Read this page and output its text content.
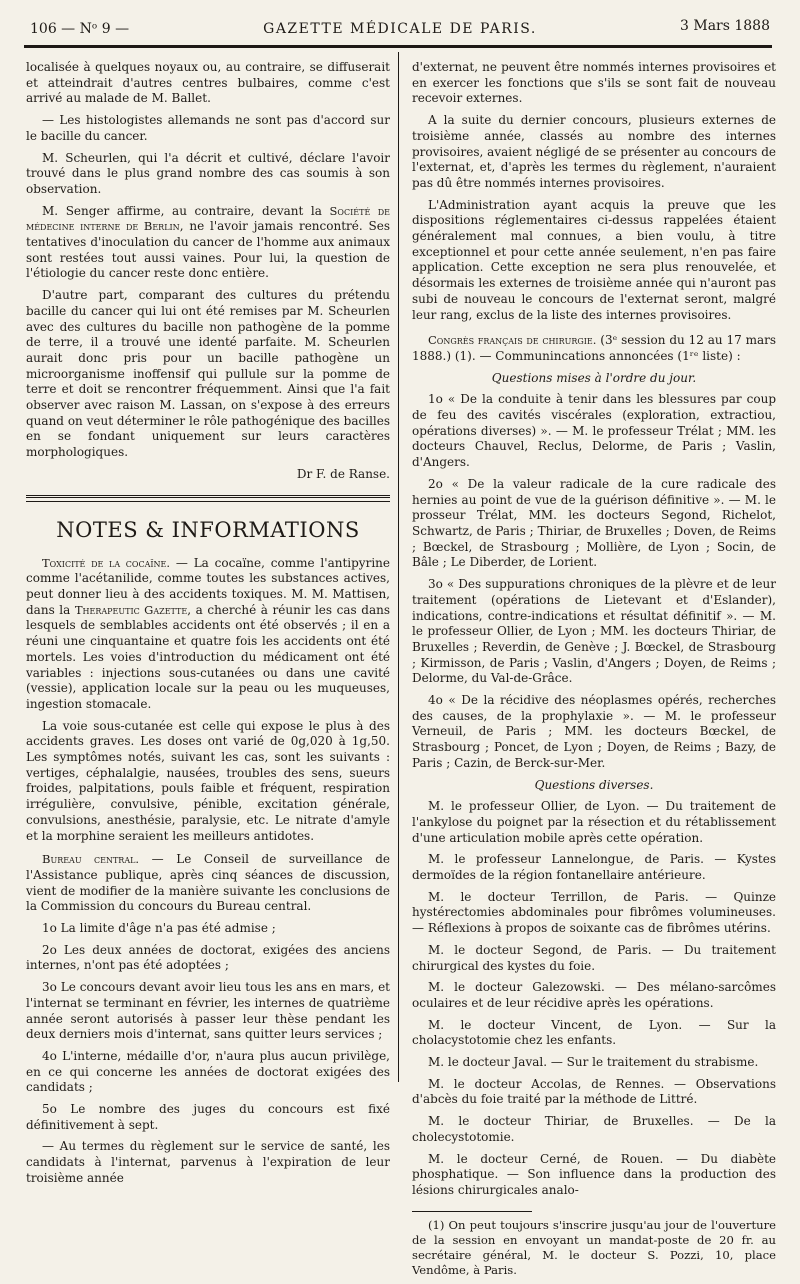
106 — Nᵒ 9 —	GAZETTE MÉDICALE DE PARIS.	3 Mars 1888

localisée à quelques noyaux ou, au contraire, se diffuserait et atteindrait d'autres centres bulbaires, comme c'est arrivé au malade de M. Ballet.

— Les histologistes allemands ne sont pas d'accord sur le bacille du cancer.

M. Scheurlen, qui l'a décrit et cultivé, déclare l'avoir trouvé dans le plus grand nombre des cas soumis à son observation.

M. Senger affirme, au contraire, devant la Société de médecine interne de Berlin, ne l'avoir jamais rencontré. Ses tentatives d'inoculation du cancer de l'homme aux animaux sont restées tout aussi vaines. Pour lui, la question de l'étiologie du cancer reste donc entière.

D'autre part, comparant des cultures du prétendu bacille du cancer qui lui ont été remises par M. Scheurlen avec des cultures du bacille non pathogène de la pomme de terre, il a trouvé une identé parfaite. M. Scheurlen aurait donc pris pour un bacille pathogène un microorganisme inoffensif qui pullule sur la pomme de terre et doit se rencontrer fréquemment. Ainsi que l'a fait observer avec raison M. Lassan, on s'expose à des erreurs quand on veut déterminer le rôle pathogénique des bacilles en se fondant uniquement sur leurs caractères morphologiques.

Dr F. de Ranse.

NOTES & INFORMATIONS

Toxicité de la cocaïne. — La cocaïne, comme l'antipyrine comme l'acétanilide, comme toutes les substances actives, peut donner lieu à des accidents toxiques. M. M. Mattisen, dans la Therapeutic Gazette, a cherché à réunir les cas dans lesquels de semblables accidents ont été observés ; il en a réuni une cinquantaine et quatre fois les accidents ont été mortels. Les voies d'introduction du médicament ont été variables : injections sous-cutanées ou dans une cavité (vessie), application locale sur la peau ou les muqueuses, ingestion stomacale.

La voie sous-cutanée est celle qui expose le plus à des accidents graves. Les doses ont varié de 0g,020 à 1g,50. Les symptômes notés, suivant les cas, sont les suivants : vertiges, céphalalgie, nausées, troubles des sens, sueurs froides, palpitations, pouls faible et fréquent, respiration irrégulière, convulsive, pénible, excitation générale, convulsions, anesthésie, paralysie, etc. Le nitrate d'amyle et la morphine seraient les meilleurs antidotes.

Bureau central. — Le Conseil de surveillance de l'Assistance publique, après cinq séances de discussion, vient de modifier de la manière suivante les conclusions de la Commission du concours du Bureau central.

1o La limite d'âge n'a pas été admise ;

2o Les deux années de doctorat, exigées des anciens internes, n'ont pas été adoptées ;

3o Le concours devant avoir lieu tous les ans en mars, et l'internat se terminant en février, les internes de quatrième année seront autorisés à passer leur thèse pendant les deux derniers mois d'internat, sans quitter leurs services ;

4o L'interne, médaille d'or, n'aura plus aucun privilège, en ce qui concerne les années de doctorat exigées des candidats ;

5o Le nombre des juges du concours est fixé définitivement à sept.

— Au termes du règlement sur le service de santé, les candidats à l'internat, parvenus à l'expiration de leur troisième année

d'externat, ne peuvent être nommés internes provisoires et en exercer les fonctions que s'ils se sont fait de nouveau recevoir externes.

A la suite du dernier concours, plusieurs externes de troisième année, classés au nombre des internes provisoires, avaient négligé de se présenter au concours de l'externat, et, d'après les termes du règlement, n'auraient pas dû être nommés internes provisoires.

L'Administration ayant acquis la preuve que les dispositions réglementaires ci-dessus rappelées étaient généralement mal connues, a bien voulu, à titre exceptionnel et pour cette année seulement, n'en pas faire application. Cette exception ne sera plus renouvelée, et désormais les externes de troisième année qui n'auront pas subi de nouveau le concours de l'externat seront, malgré leur rang, exclus de la liste des internes provisoires.

Congrès français de chirurgie. (3ᵉ session du 12 au 17 mars 1888.) (1). — Communincations annoncées (1ʳᵉ liste) :

Questions mises à l'ordre du jour.

1o « De la conduite à tenir dans les blessures par coup de feu des cavités viscérales (exploration, extractiou, opérations diverses) ». — M. le professeur Trélat ; MM. les docteurs Chauvel, Reclus, Delorme, de Paris ; Vaslin, d'Angers.

2o « De la valeur radicale de la cure radicale des hernies au point de vue de la guérison définitive ». — M. le prosseur Trélat, MM. les docteurs Segond, Richelot, Schwartz, de Paris ; Thiriar, de Bruxelles ; Doven, de Reims ; Bœckel, de Strasbourg ; Mollière, de Lyon ; Socin, de Bâle ; Le Diberder, de Lorient.

3o « Des suppurations chroniques de la plèvre et de leur traitement (opérations de Lietevant et d'Eslander), indications, contre-indications et résultat définitif ». — M. le professeur Ollier, de Lyon ; MM. les docteurs Thiriar, de Bruxelles ; Reverdin, de Genève ; J. Bœckel, de Strasbourg ; Kirmisson, de Paris ; Vaslin, d'Angers ; Doyen, de Reims ; Delorme, du Val-de-Grâce.

4o « De la récidive des néoplasmes opérés, recherches des causes, de la prophylaxie ». — M. le professeur Verneuil, de Paris ; MM. les docteurs Bœckel, de Strasbourg ; Poncet, de Lyon ; Doyen, de Reims ; Bazy, de Paris ; Cazin, de Berck-sur-Mer.

Questions diverses.

M. le professeur Ollier, de Lyon. — Du traitement de l'ankylose du poignet par la résection et du rétablissement d'une articulation mobile après cette opération.

M. le professeur Lannelongue, de Paris. — Kystes dermoïdes de la région fontanellaire antérieure.

M. le docteur Terrillon, de Paris. — Quinze hystérectomies abdominales pour fibrômes volumineuses. — Réflexions à propos de soixante cas de fibrômes utérins.

M. le docteur Segond, de Paris. — Du traitement chirurgical des kystes du foie.

M. le docteur Galezowski. — Des mélano-sarcômes oculaires et de leur récidive après les opérations.

M. le docteur Vincent, de Lyon. — Sur la cholacystotomie chez les enfants.

M. le docteur Javal. — Sur le traitement du strabisme.

M. le docteur Accolas, de Rennes. — Observations d'abcès du foie traité par la méthode de Littré.

M. le docteur Thiriar, de Bruxelles. — De la cholecystotomie.

M. le docteur Cerné, de Rouen. — Du diabète phosphatique. — Son influence dans la production des lésions chirurgicales analo-

(1) On peut toujours s'inscrire jusqu'au jour de l'ouverture de la session en envoyant un mandat-poste de 20 fr. au secrétaire général, M. le docteur S. Pozzi, 10, place Vendôme, à Paris.
